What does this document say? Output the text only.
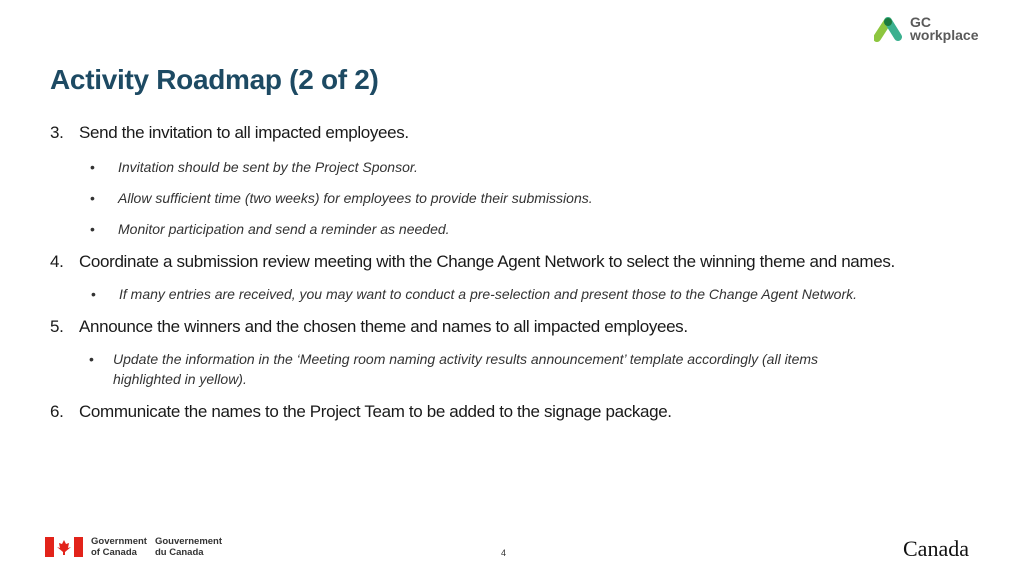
GC
workplace
Activity Roadmap (2 of 2)
3. Send the invitation to all impacted employees.
• Invitation should be sent by the Project Sponsor.
• Allow sufficient time (two weeks) for employees to provide their submissions.
• Monitor participation and send a reminder as needed.
4. Coordinate a submission review meeting with the Change Agent Network to select the winning theme and names.
• If many entries are received, you may want to conduct a pre-selection and present those to the Change Agent Network.
5. Announce the winners and the chosen theme and names to all impacted employees.
• Update the information in the ‘Meeting room naming activity results announcement’ template accordingly (all items
highlighted in yellow).
6. Communicate the names to the Project Team to be added to the signage package.
Government
of Canada
Gouvernement
du Canada	4	Canada
